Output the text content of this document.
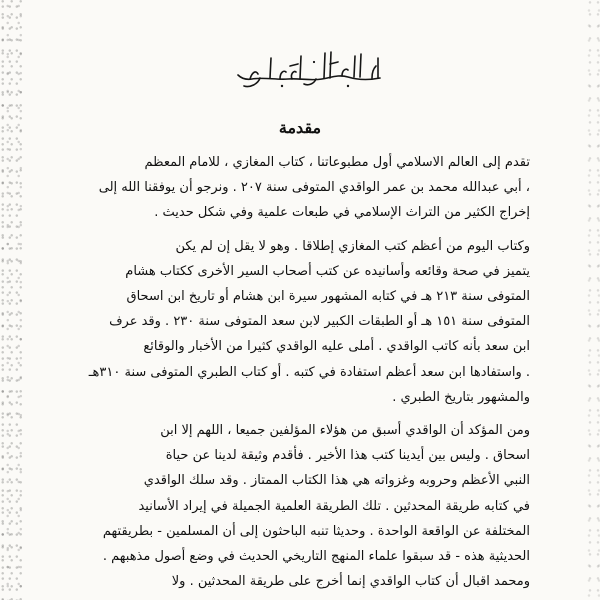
مقدمة

تقدم إلى العالم الاسلامي أول مطبوعاتنا ، كتاب المغازي ، للامام المعظم
، أبي عبدالله محمد بن عمر الواقدي المتوفى سنة ٢٠٧ . ونرجو أن يوفقنا الله إلى
إخراج الكثير من التراث الإسلامي في طبعات علمية وفي شكل حديث .

وكتاب اليوم من أعظم كتب المغازي إطلاقا . وهو لا يقل إن لم يكن
يتميز في صحة وقائعه وأسانيده عن كتب أصحاب السير الأخرى ككتاب هشام
المتوفى سنة ٢١٣ هـ في كتابه المشهور سيرة ابن هشام أو تاريخ ابن اسحاق
المتوفى سنة ١٥١ هـ أو الطبقات الكبير لابن سعد المتوفى سنة ٢٣٠ . وقد عرف
ابن سعد بأنه كاتب الواقدي . أملى عليه الواقدي كثيرا من الأخبار والوقائع
. واستفادها ابن سعد أعظم استفادة في كتبه . أو كتاب الطبري المتوفى سنة ٣١٠هـ
والمشهور بتاريخ الطبري .

ومن المؤكد أن الواقدي أسبق من هؤلاء المؤلفين جميعا ، اللهم إلا ابن
اسحاق . وليس بين أيدينا كتب هذا الأخير . فأقدم وثيقة لدينا عن حياة
النبي الأعظم وحروبه وغزواته هي هذا الكتاب الممتاز . وقد سلك الواقدي
في كتابه طريقة المحدثين . تلك الطريقة العلمية الجميلة في إيراد الأسانيد
المختلفة عن الواقعة الواحدة . وحديثا تنبه الباحثون إلى أن المسلمين - بطريقتهم
الحديثية هذه - قد سبقوا علماء المنهج التاريخي الحديث في وضع أصول مذهبهم .
ومحمد اقبال أن كتاب الواقدي إنما أخرج على طريقة المحدثين . ولا
